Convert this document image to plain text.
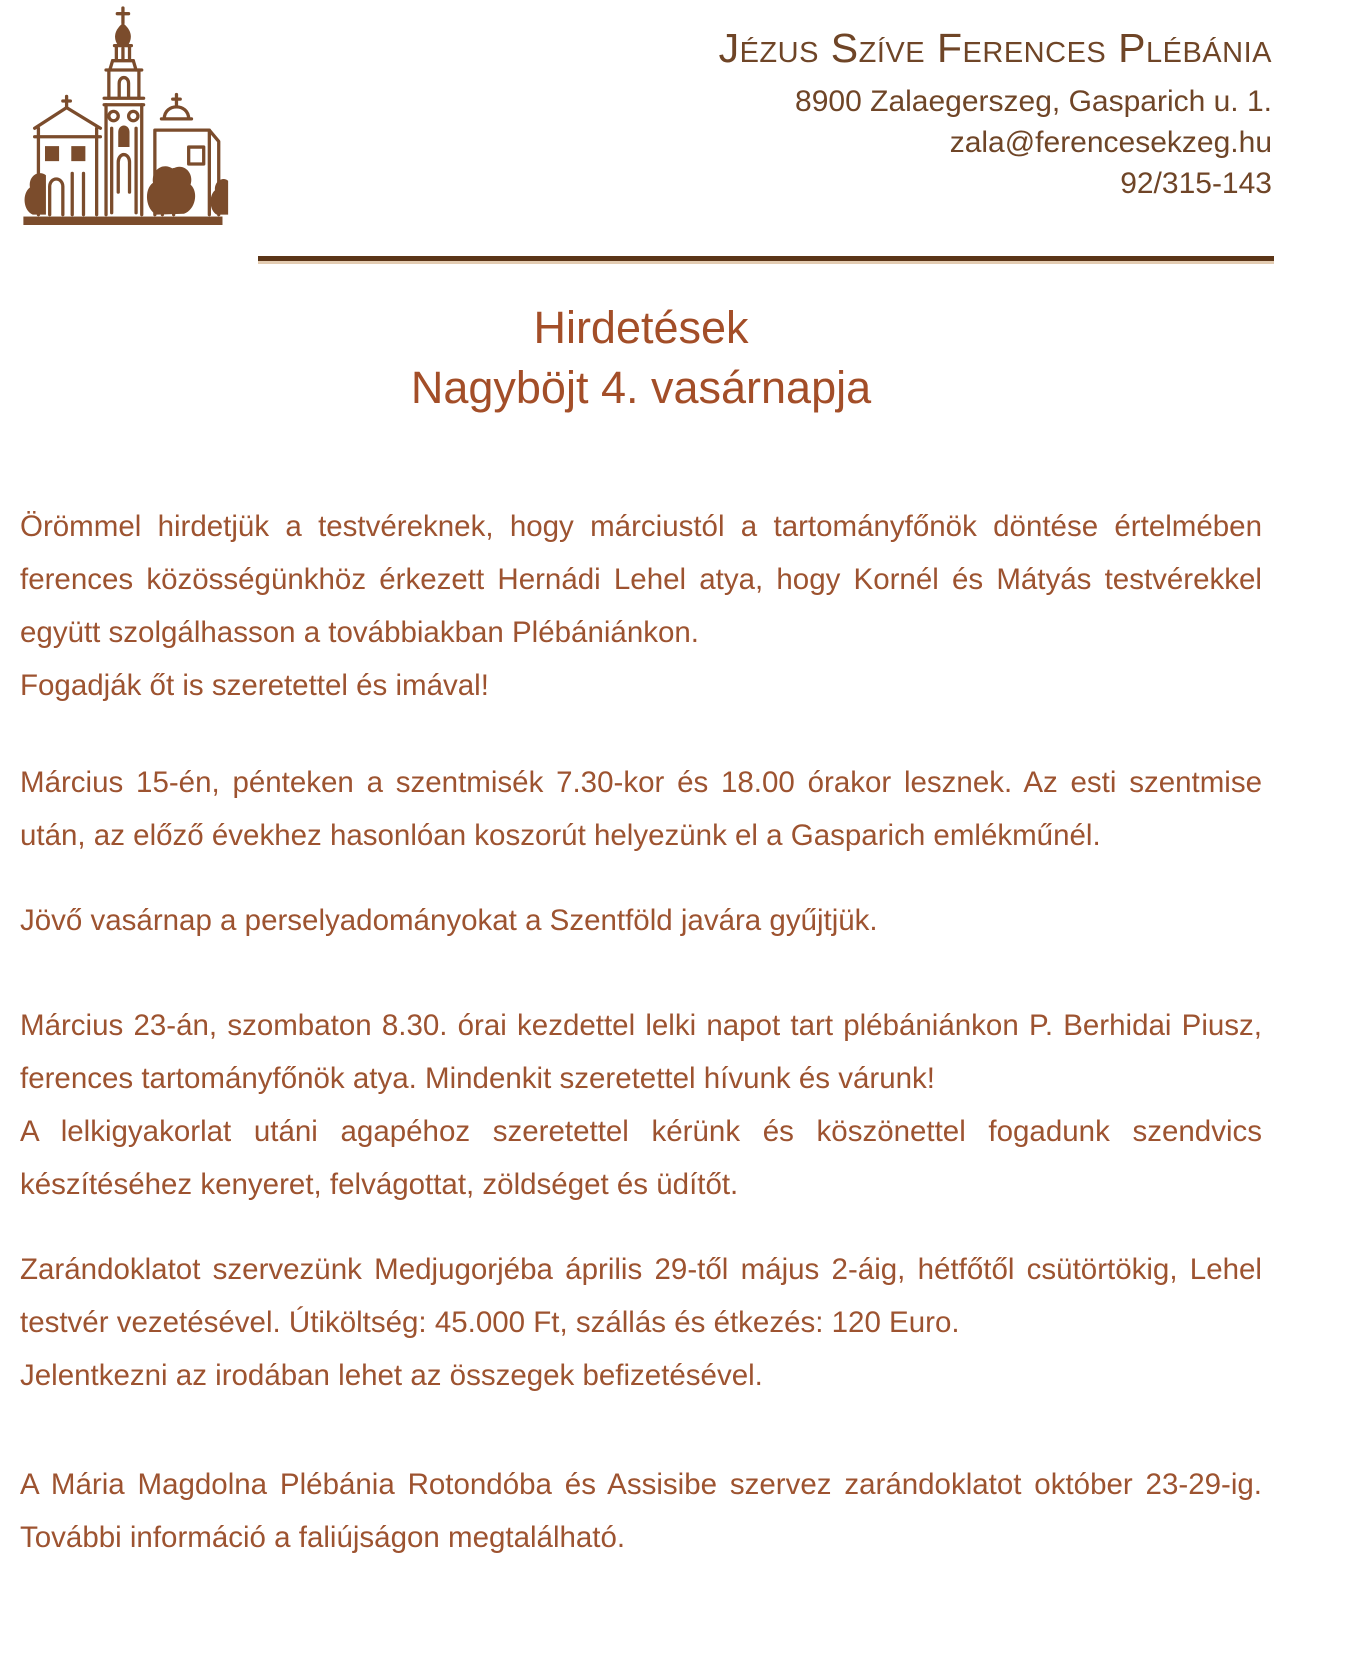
Jézus Szíve Ferences Plébánia
8900 Zalaegerszeg, Gasparich u. 1.
zala@ferencesekzeg.hu
92/315-143
Hirdetések
Nagyböjt 4. vasárnapja

Örömmel hirdetjük a testvéreknek, hogy márciustól a tartományfőnök döntése értelmében ferences közösségünkhöz érkezett Hernádi Lehel atya, hogy Kornél és Mátyás testvérekkel együtt szolgálhasson a továbbiakban Plébániánkon.

Fogadják őt is szeretettel és imával!

Március 15-én, pénteken a szentmisék 7.30-kor és 18.00 órakor lesznek. Az esti szentmise után, az előző évekhez hasonlóan koszorút helyezünk el a Gasparich emlékműnél.

Jövő vasárnap a perselyadományokat a Szentföld javára gyűjtjük.

Március 23-án, szombaton 8.30. órai kezdettel lelki napot tart plébániánkon P. Berhidai Piusz, ferences tartományfőnök atya. Mindenkit szeretettel hívunk és várunk!

A lelkigyakorlat utáni agapéhoz szeretettel kérünk és köszönettel fogadunk szendvics készítéséhez kenyeret, felvágottat, zöldséget és üdítőt.

Zarándoklatot szervezünk Medjugorjéba április 29-től május 2-áig, hétfőtől csütörtökig, Lehel testvér vezetésével. Útiköltség: 45.000 Ft, szállás és étkezés: 120 Euro.

Jelentkezni az irodában lehet az összegek befizetésével.

A Mária Magdolna Plébánia Rotondóba és Assisibe szervez zarándoklatot október 23-29-ig. További információ a faliújságon megtalálható.
